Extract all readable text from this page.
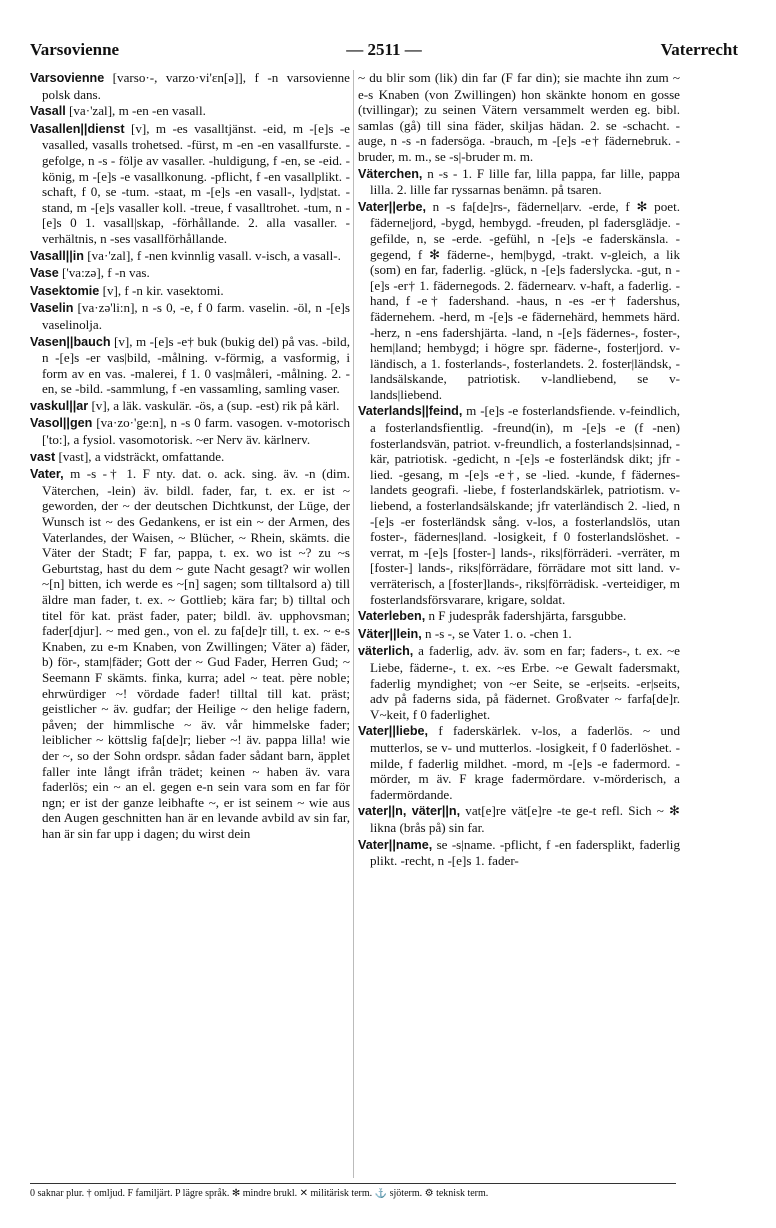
Varsovienne	— 2511 —	Vaterrecht

Varsovienne [varso·-, varzo·vi'ɛn[ə]], f -n varsovienne polsk dans.

Vasall [va·'zal], m -en -en vasall.

Vasallen||dienst [v], m -es vasalltjänst. -eid, m -[e]s -e vasalled, vasalls trohetsed. -fürst, m -en -en vasallfurste. -gefolge, n -s - följe av vasaller. -huldigung, f -en, se -eid. -könig, m -[e]s -e vasallkonung. -pflicht, f -en vasallplikt. -schaft, f 0, se -tum. -staat, m -[e]s -en vasall-, lyd|stat. -stand, m -[e]s vasaller koll. -treue, f vasalltrohet. -tum, n -[e]s 0 1. vasall|skap, -förhållande. 2. alla vasaller. -verhältnis, n -ses vasallförhållande.

Vasall||in [va·'zal], f -nen kvinnlig vasall. v-isch, a vasall-.

Vase ['va:zə], f -n vas.

Vasektomie [v], f -n kir. vasektomi.

Vaselin [va·zə'li:n], n -s 0, -e, f 0 farm. vaselin. -öl, n -[e]s vaselinolja.

Vasen||bauch [v], m -[e]s -e† buk (bukig del) på vas. -bild, n -[e]s -er vas|bild, -målning. v-förmig, a vasformig, i form av en vas. -malerei, f 1. 0 vas|måleri, -målning. 2. -en, se -bild. -sammlung, f -en vassamling, samling vaser.

vaskul||ar [v], a läk. vaskulär. -ös, a (sup. -est) rik på kärl.

Vasol||gen [va·zo·'ge:n], n -s 0 farm. vasogen. v-motorisch ['to:], a fysiol. vasomotorisk. ~er Nerv äv. kärlnerv.

vast [vast], a vidsträckt, omfattande.

Vater, m -s -† 1. F nty. dat. o. ack. sing. äv. -n (dim. Väterchen, -lein) äv. bildl. fader, far, t. ex. er ist ~ geworden, der ~ der deutschen Dichtkunst, der Lüge, der Wunsch ist ~ des Gedankens, er ist ein ~ der Armen, des Vaterlandes, der Waisen, ~ Blücher, ~ Rhein, skämts. die Väter der Stadt; F far, pappa, t. ex. wo ist ~? zu ~s Geburtstag, hast du dem ~ gute Nacht gesagt? wir wollen ~[n] bitten, ich werde es ~[n] sagen; som tilltalsord a) till äldre man fader, t. ex. ~ Gottlieb; kära far; b) tilltal och titel för kat. präst fader, pater; bildl. äv. upphovsman; fader[djur]. ~ med gen., von el. zu fa[de]r till, t. ex. ~ e-s Knaben, zu e-m Knaben, von Zwillingen; Väter a) fäder, b) för-, stam|fäder; Gott der ~ Gud Fader, Herren Gud; ~ Seemann F skämts. finka, kurra; adel ~ teat. père noble; ehrwürdiger ~! vördade fader! tilltal till kat. präst; geistlicher ~ äv. gudfar; der Heilige ~ den helige fadern, påven; der himmlische ~ äv. vår himmelske fader; leiblicher ~ köttslig fa[de]r; lieber ~! äv. pappa lilla! wie der ~, so der Sohn ordspr. sådan fader sådant barn, äpplet faller inte långt ifrån trädet; keinen ~ haben äv. vara faderlös; ein ~ an el. gegen e-n sein vara som en far för ngn; er ist der ganze leibhafte ~, er ist seinem ~ wie aus den Augen geschnitten han är en levande avbild av sin far, han är sin far upp i dagen; du wirst dein

~ du blir som (lik) din far (F far din); sie machte ihn zum ~ e-s Knaben (von Zwillingen) hon skänkte honom en gosse (tvillingar); zu seinen Vätern versammelt werden eg. bibl. samlas (gå) till sina fäder, skiljas hädan. 2. se -schacht. -auge, n -s -n fadersöga. -brauch, m -[e]s -e† fädernebruk. -bruder, m. m., se -s|-bruder m. m.

Väterchen, n -s - 1. F lille far, lilla pappa, far lille, pappa lilla. 2. lille far ryssarnas benämn. på tsaren.

Vater||erbe, n -s fa[de]rs-, fädernel|arv. -erde, f ✻ poet. fäderne|jord, -bygd, hembygd. -freuden, pl fadersglädje. -gefilde, n, se -erde. -gefühl, n -[e]s -e faderskänsla. -gegend, f ✻ fäderne-, hem|bygd, -trakt. v-gleich, a lik (som) en far, faderlig. -glück, n -[e]s faderslycka. -gut, n -[e]s -er† 1. fädernegods. 2. fädernearv. v-haft, a faderlig. -hand, f -e† fadershand. -haus, n -es -er† fadershus, fädernehem. -herd, m -[e]s -e fädernehärd, hemmets härd. -herz, n -ens fadershjärta. -land, n -[e]s fädernes-, foster-, hem|land; hembygd; i högre spr. fäderne-, foster|jord. v-ländisch, a 1. fosterlands-, fosterlandets. 2. foster|ländsk, -landsälskande, patriotisk. v-landliebend, se v-lands|liebend.

Vaterlands||feind, m -[e]s -e fosterlandsfiende. v-feindlich, a fosterlandsfientlig. -freund(in), m -[e]s -e (f -nen) fosterlandsvän, patriot. v-freundlich, a fosterlands|sinnad, -kär, patriotisk. -gedicht, n -[e]s -e fosterländsk dikt; jfr -lied. -gesang, m -[e]s -e†, se -lied. -kunde, f fäderneslandets geografi. -liebe, f fosterlandskärlek, patriotism. v-liebend, a fosterlandsälskande; jfr vaterländisch 2. -lied, n -[e]s -er fosterländsk sång. v-los, a fosterlandslös, utan foster-, fädernes|land. -losigkeit, f 0 fosterlandslöshet. -verrat, m -[e]s [foster-] lands-, riks|förräderi. -verräter, m [foster-] lands-, riks|förrädare, förrädare mot sitt land. v-verräterisch, a [foster]lands-, riks|förrädisk. -verteidiger, m fosterlandsförsvarare, krigare, soldat.

Vaterleben, n F judespråk fadershjärta, farsgubbe.

Väter||lein, n -s -, se Vater 1. o. -chen 1.

väterlich, a faderlig, adv. äv. som en far; faders-, t. ex. ~e Liebe, fäderne-, t. ex. ~es Erbe. ~e Gewalt fadersmakt, faderlig myndighet; von ~er Seite, se -er|seits. -er|seits, adv på faderns sida, på fädernet. Großvater ~ farfa[de]r. V~keit, f 0 faderlighet.

Vater||liebe, f faderskärlek. v-los, a faderlös. ~ und mutterlos, se v- und mutterlos. -losigkeit, f 0 faderlöshet. -milde, f faderlig mildhet. -mord, m -[e]s -e fadermord. -mörder, m äv. F krage fadermördare. v-mörderisch, a fadermördande.

vater||n, väter||n, vat[e]re vät[e]re -te ge-t refl. Sich ~ ✻ likna (brås på) sin far.

Vater||name, se -s|name. -pflicht, f -en fadersplikt, faderlig plikt. -recht, n -[e]s 1. fader-

0 saknar plur. † omljud. F familjärt. P lägre språk. ✻ mindre brukl. ✕ militärisk term. ⚓ sjöterm. ⚙ teknisk term.
